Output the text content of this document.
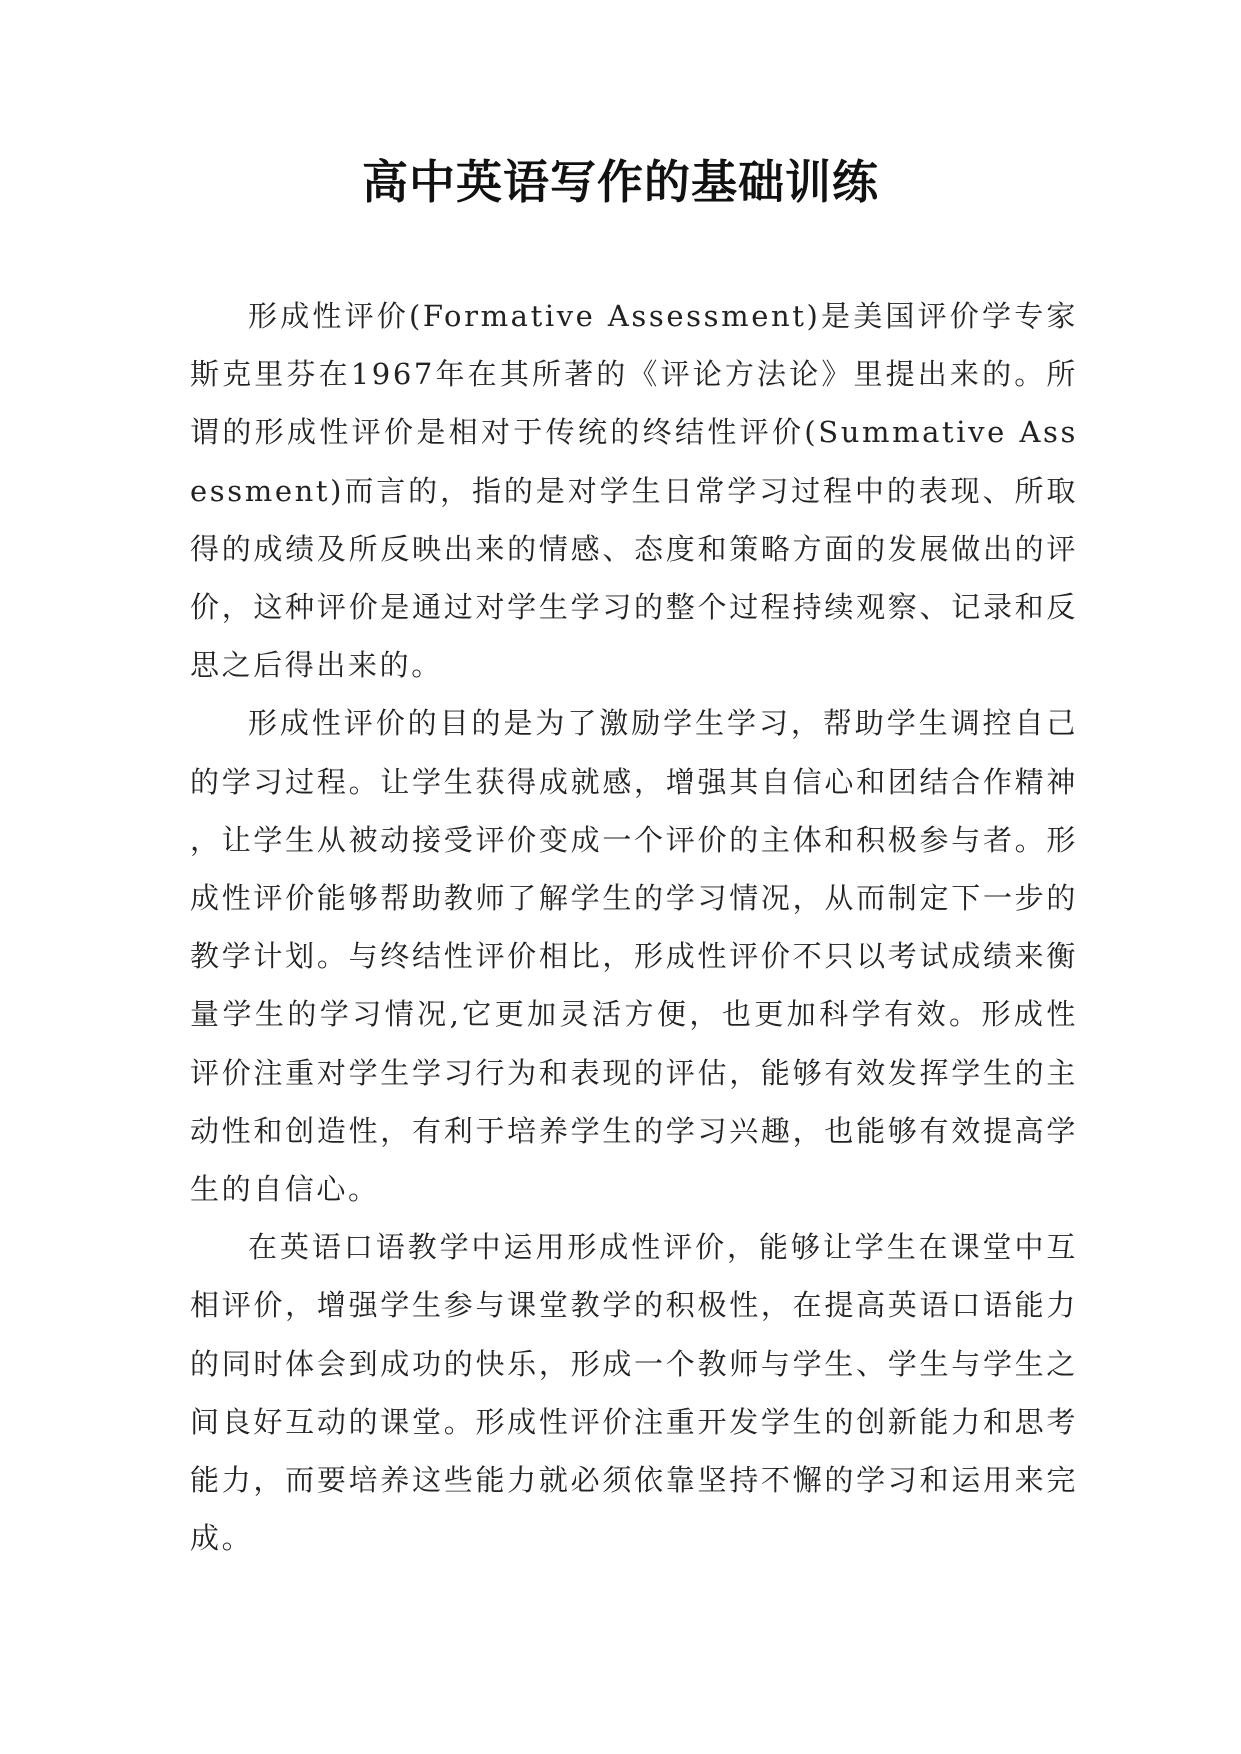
高中英语写作的基础训练

形成性评价(Formative Assessment)是美国评价学专家斯克里芬在1967年在其所著的《评论方法论》里提出来的。所谓的形成性评价是相对于传统的终结性评价(Summative Assessment)而言的，指的是对学生日常学习过程中的表现、所取得的成绩及所反映出来的情感、态度和策略方面的发展做出的评价，这种评价是通过对学生学习的整个过程持续观察、记录和反思之后得出来的。

形成性评价的目的是为了激励学生学习，帮助学生调控自己的学习过程。让学生获得成就感，增强其自信心和团结合作精神，让学生从被动接受评价变成一个评价的主体和积极参与者。形成性评价能够帮助教师了解学生的学习情况，从而制定下一步的教学计划。与终结性评价相比，形成性评价不只以考试成绩来衡量学生的学习情况,它更加灵活方便，也更加科学有效。形成性评价注重对学生学习行为和表现的评估，能够有效发挥学生的主动性和创造性，有利于培养学生的学习兴趣，也能够有效提高学生的自信心。

在英语口语教学中运用形成性评价，能够让学生在课堂中互相评价，增强学生参与课堂教学的积极性，在提高英语口语能力的同时体会到成功的快乐，形成一个教师与学生、学生与学生之间良好互动的课堂。形成性评价注重开发学生的创新能力和思考能力，而要培养这些能力就必须依靠坚持不懈的学习和运用来完成。
